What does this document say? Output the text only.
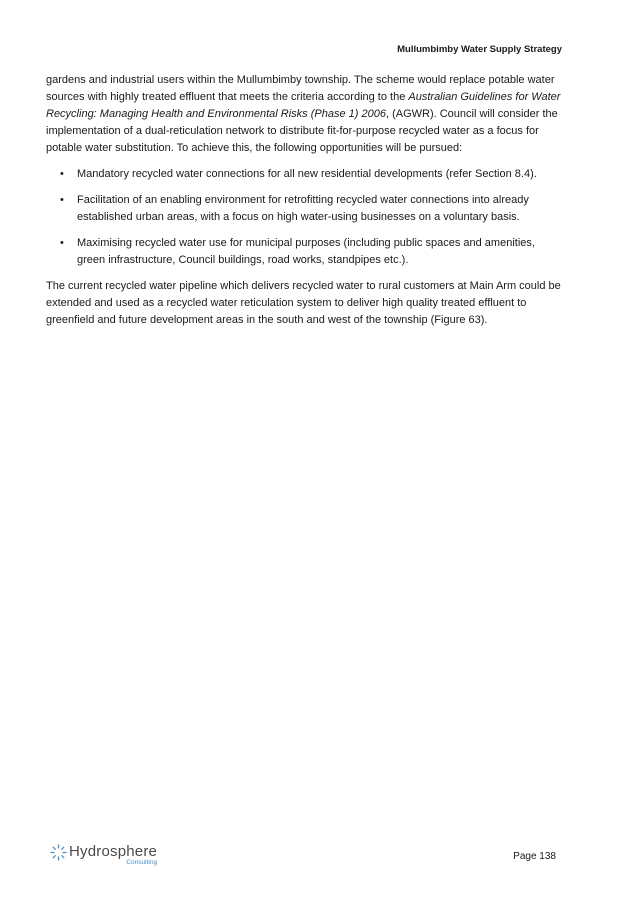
Mullumbimby Water Supply Strategy

gardens and industrial users within the Mullumbimby township. The scheme would replace potable water sources with highly treated effluent that meets the criteria according to the Australian Guidelines for Water Recycling: Managing Health and Environmental Risks (Phase 1) 2006, (AGWR). Council will consider the implementation of a dual-reticulation network to distribute fit-for-purpose recycled water as a focus for potable water substitution. To achieve this, the following opportunities will be pursued:

• Mandatory recycled water connections for all new residential developments (refer Section 8.4).
• Facilitation of an enabling environment for retrofitting recycled water connections into already established urban areas, with a focus on high water-using businesses on a voluntary basis.
• Maximising recycled water use for municipal purposes (including public spaces and amenities, green infrastructure, Council buildings, road works, standpipes etc.).

The current recycled water pipeline which delivers recycled water to rural customers at Main Arm could be extended and used as a recycled water reticulation system to deliver high quality treated effluent to greenfield and future development areas in the south and west of the township (Figure 63).

Hydrosphere
Consulting
Page 138
